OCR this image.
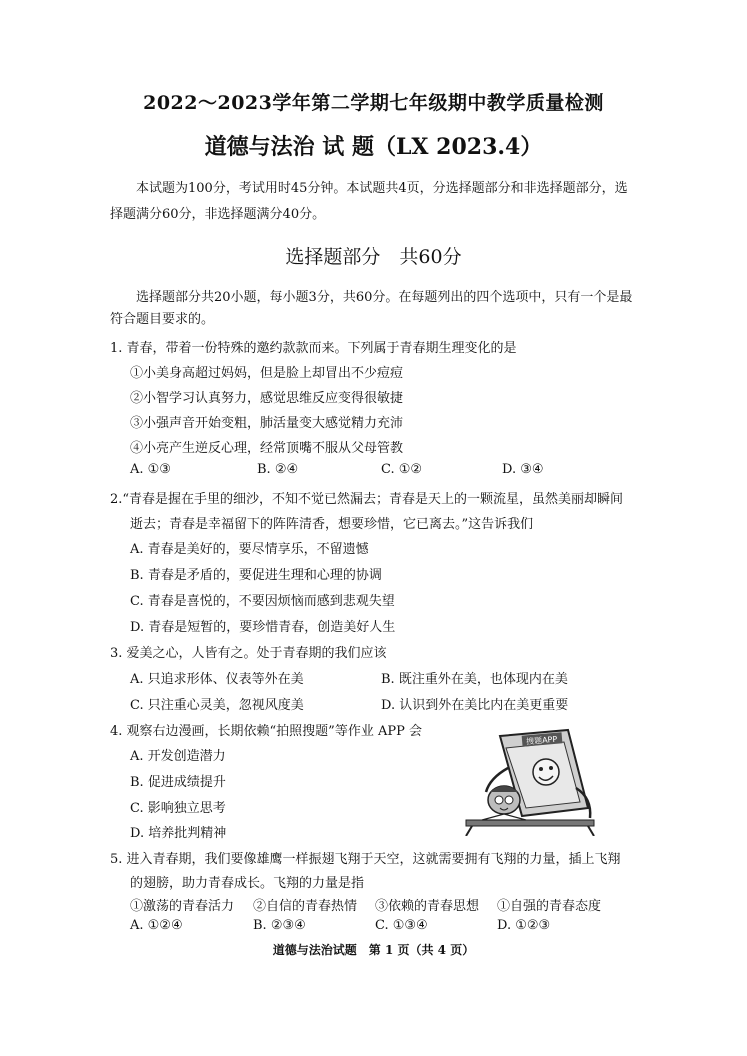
2022～2023学年第二学期七年级期中教学质量检测
道德与法治 试 题（LX 2023.4）
本试题为100分，考试用时45分钟。本试题共4页，分选择题部分和非选择题部分，选择题满分60分，非选择题满分40分。
选择题部分　共60分
选择题部分共20小题，每小题3分，共60分。在每题列出的四个选项中，只有一个是最符合题目要求的。
1. 青春，带着一份特殊的邀约款款而来。下列属于青春期生理变化的是
①小美身高超过妈妈，但是脸上却冒出不少痘痘
②小智学习认真努力，感觉思维反应变得很敏捷
③小强声音开始变粗，肺活量变大感觉精力充沛
④小亮产生逆反心理，经常顶嘴不服从父母管教
A. ①③	B. ②④	C. ①②	D. ③④
2.“青春是握在手里的细沙，不知不觉已然漏去；青春是天上的一颗流星，虽然美丽却瞬间
逝去；青春是幸福留下的阵阵清香，想要珍惜，它已离去。”这告诉我们
A. 青春是美好的，要尽情享乐，不留遗憾
B. 青春是矛盾的，要促进生理和心理的协调
C. 青春是喜悦的，不要因烦恼而感到悲观失望
D. 青春是短暂的，要珍惜青春，创造美好人生
3. 爱美之心，人皆有之。处于青春期的我们应该
A. 只追求形体、仪表等外在美	B. 既注重外在美，也体现内在美
C. 只注重心灵美，忽视风度美	D. 认识到外在美比内在美更重要
4. 观察右边漫画，长期依赖“拍照搜题”等作业 APP 会
A. 开发创造潜力
B. 促进成绩提升
C. 影响独立思考
D. 培养批判精神
搜题APP
5. 进入青春期，我们要像雄鹰一样振翅飞翔于天空，这就需要拥有飞翔的力量，插上飞翔
的翅膀，助力青春成长。飞翔的力量是指
①激荡的青春活力 ②自信的青春热情 ③依赖的青春思想 ①自强的青春态度
A. ①②④	B. ②③④	C. ①③④	D. ①②③
道德与法治试题　第 1 页（共 4 页）
